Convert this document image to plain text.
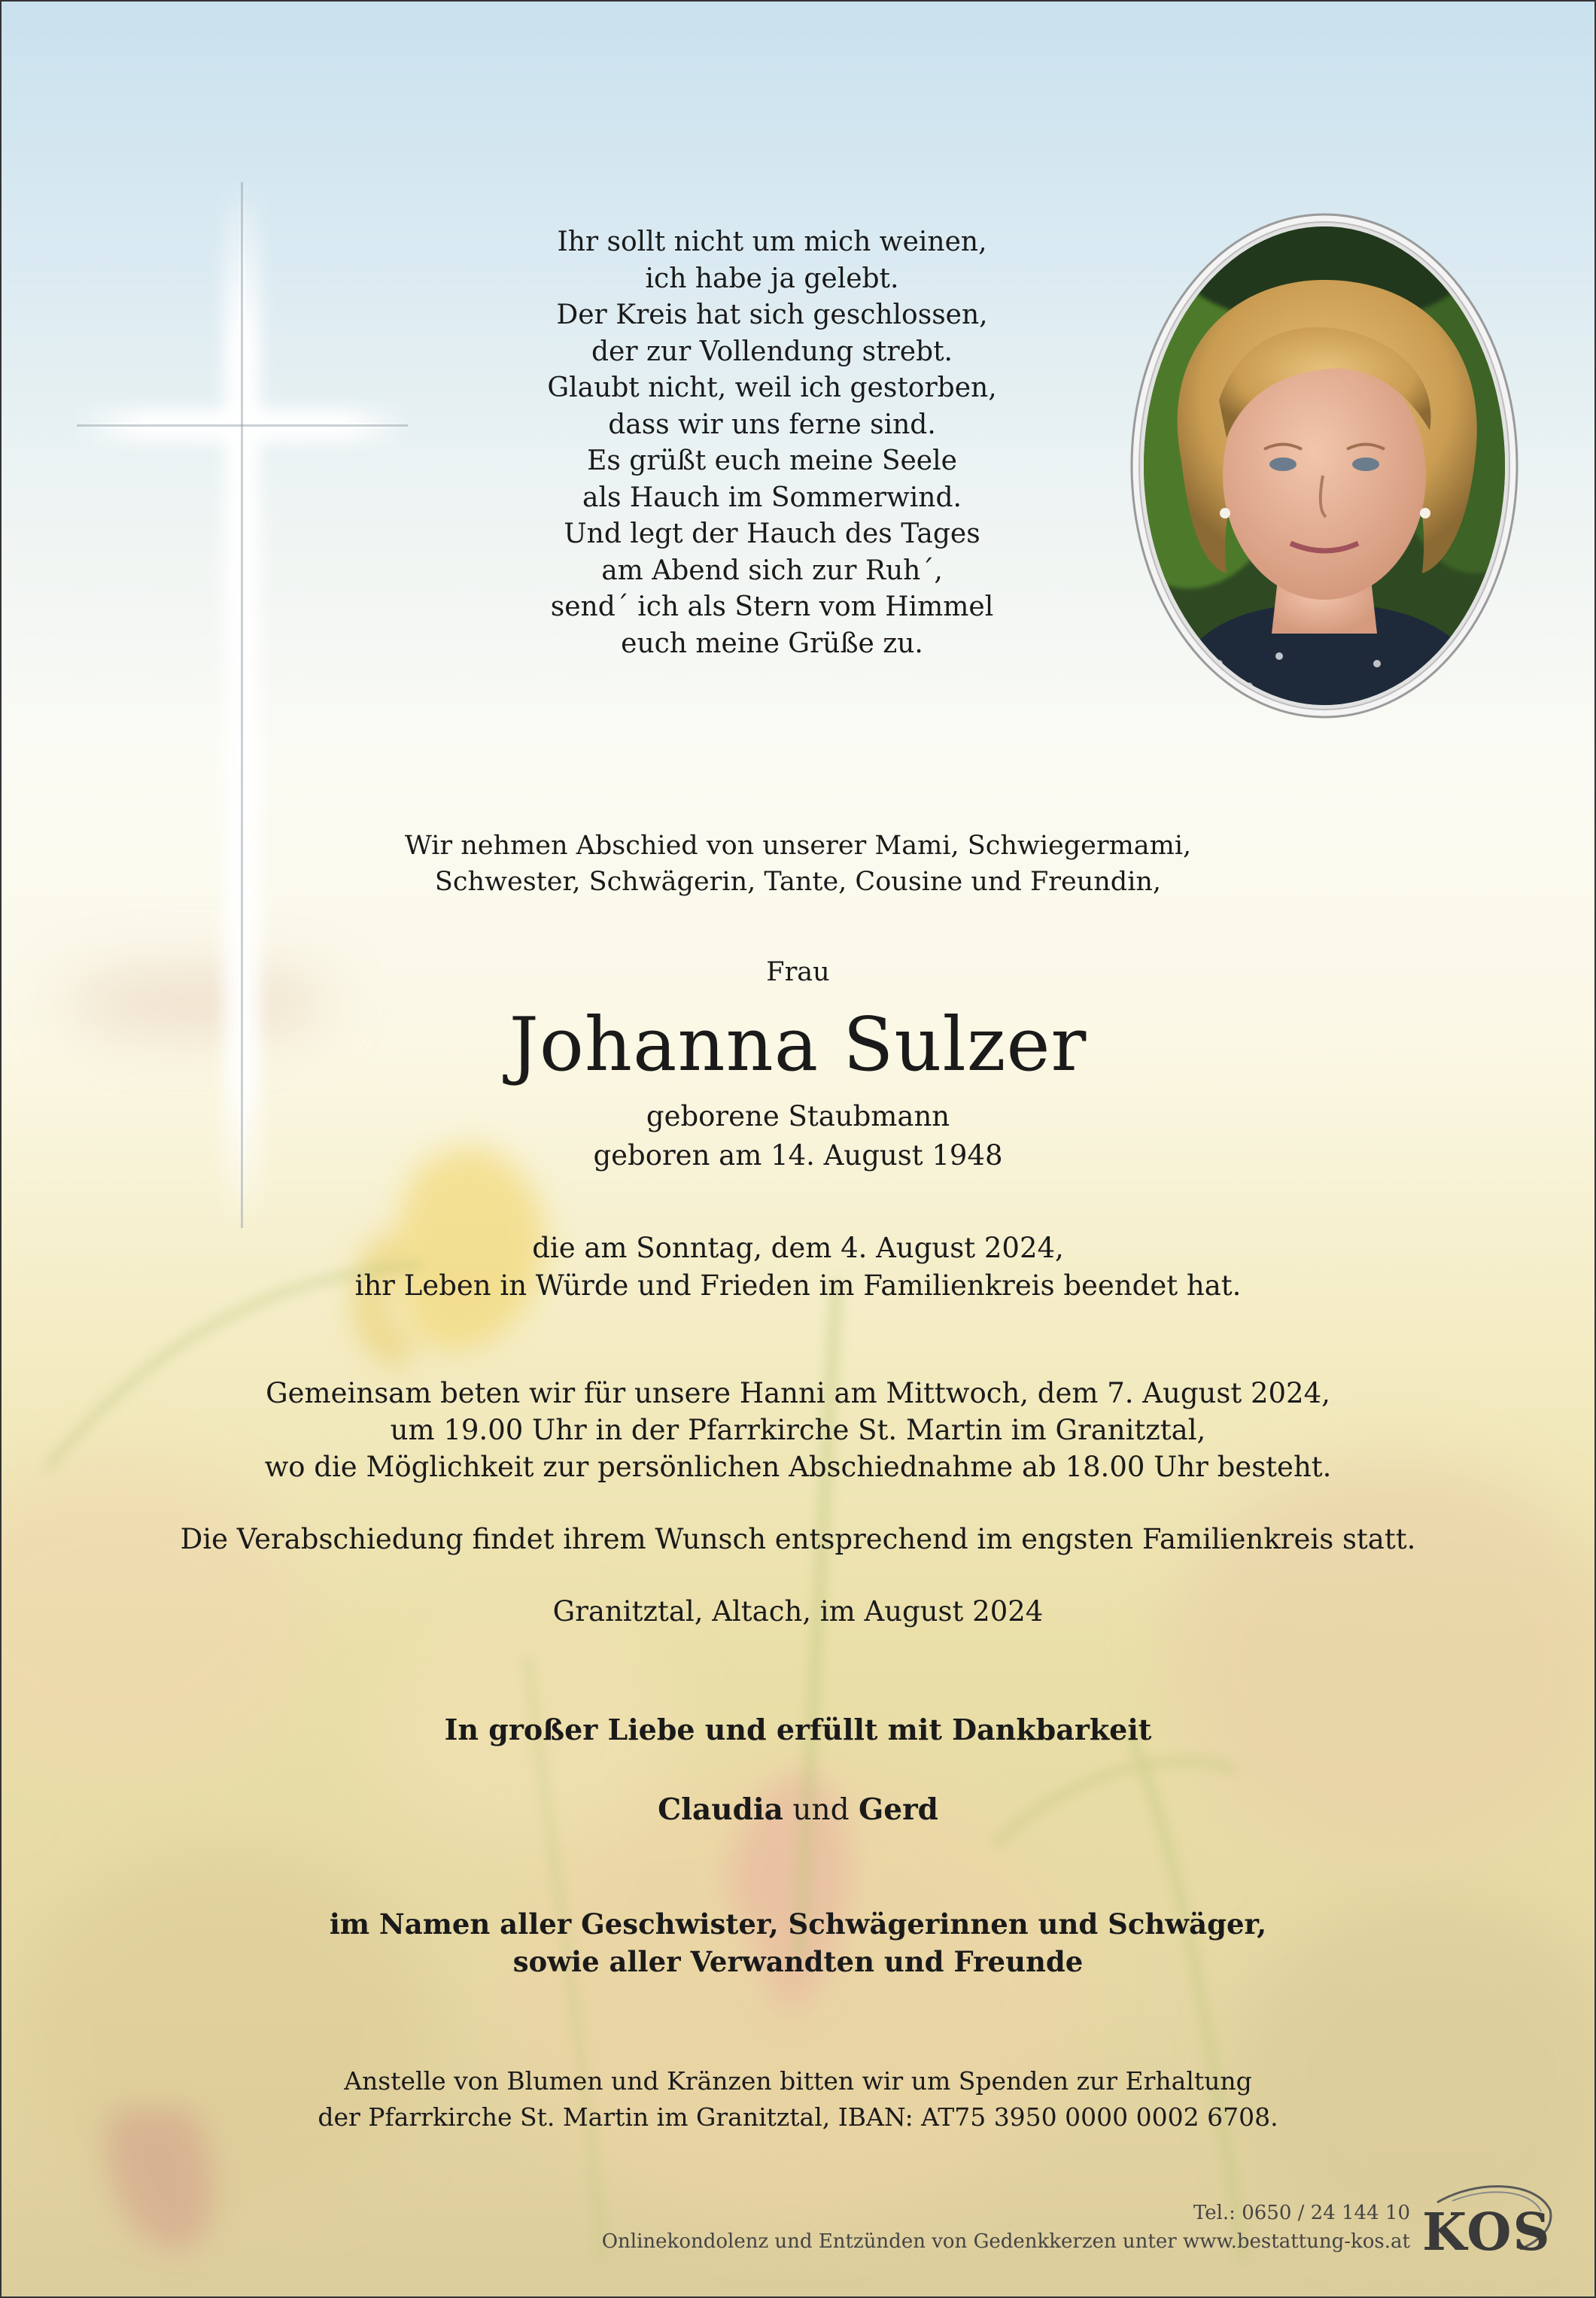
Ihr sollt nicht um mich weinen,
ich habe ja gelebt.
Der Kreis hat sich geschlossen,
der zur Vollendung strebt.
Glaubt nicht, weil ich gestorben,
dass wir uns ferne sind.
Es grüßt euch meine Seele
als Hauch im Sommerwind.
Und legt der Hauch des Tages
am Abend sich zur Ruh´,
send´ ich als Stern vom Himmel
euch meine Grüße zu.
Wir nehmen Abschied von unserer Mami, Schwiegermami,
Schwester, Schwägerin, Tante, Cousine und Freundin,
Frau
Johanna Sulzer
geborene Staubmann
geboren am 14. August 1948
die am Sonntag, dem 4. August 2024,
ihr Leben in Würde und Frieden im Familienkreis beendet hat.
Gemeinsam beten wir für unsere Hanni am Mittwoch, dem 7. August 2024,
um 19.00 Uhr in der Pfarrkirche St. Martin im Granitztal,
wo die Möglichkeit zur persönlichen Abschiednahme ab 18.00 Uhr besteht.
Die Verabschiedung findet ihrem Wunsch entsprechend im engsten Familienkreis statt.
Granitztal, Altach, im August 2024
In großer Liebe und erfüllt mit Dankbarkeit
Claudia und Gerd
im Namen aller Geschwister, Schwägerinnen und Schwäger,
sowie aller Verwandten und Freunde
Anstelle von Blumen und Kränzen bitten wir um Spenden zur Erhaltung
der Pfarrkirche St. Martin im Granitztal, IBAN: AT75 3950 0000 0002 6708.
Tel.: 0650 / 24 144 10
Onlinekondolenz und Entzünden von Gedenkkerzen unter www.bestattung-kos.at KOS
